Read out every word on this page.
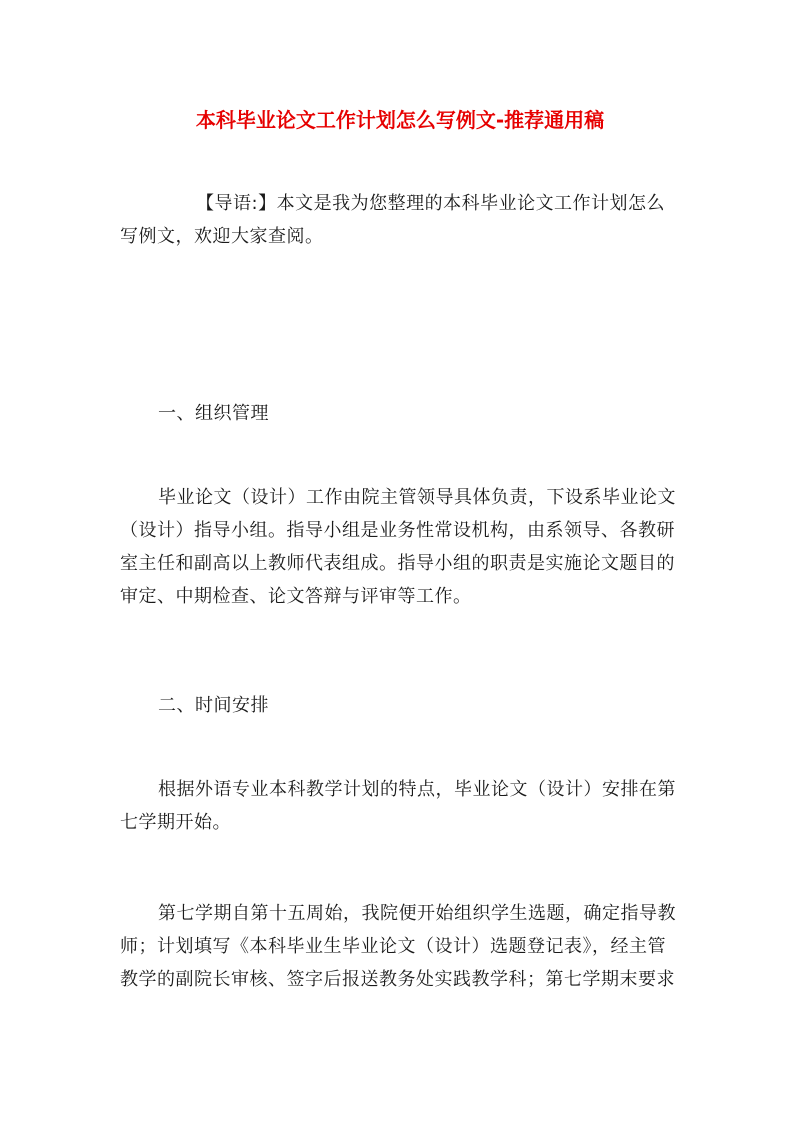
本科毕业论文工作计划怎么写例文-推荐通用稿
【导语:】本文是我为您整理的本科毕业论文工作计划怎么
写例文，欢迎大家查阅。
一、组织管理
毕业论文（设计）工作由院主管领导具体负责，下设系毕业论文
（设计）指导小组。指导小组是业务性常设机构，由系领导、各教研
室主任和副高以上教师代表组成。指导小组的职责是实施论文题目的
审定、中期检查、论文答辩与评审等工作。
二、时间安排
根据外语专业本科教学计划的特点，毕业论文（设计）安排在第
七学期开始。
第七学期自第十五周始，我院便开始组织学生选题，确定指导教
师；计划填写《本科毕业生毕业论文（设计）选题登记表》，经主管
教学的副院长审核、签字后报送教务处实践教学科；第七学期末要求
